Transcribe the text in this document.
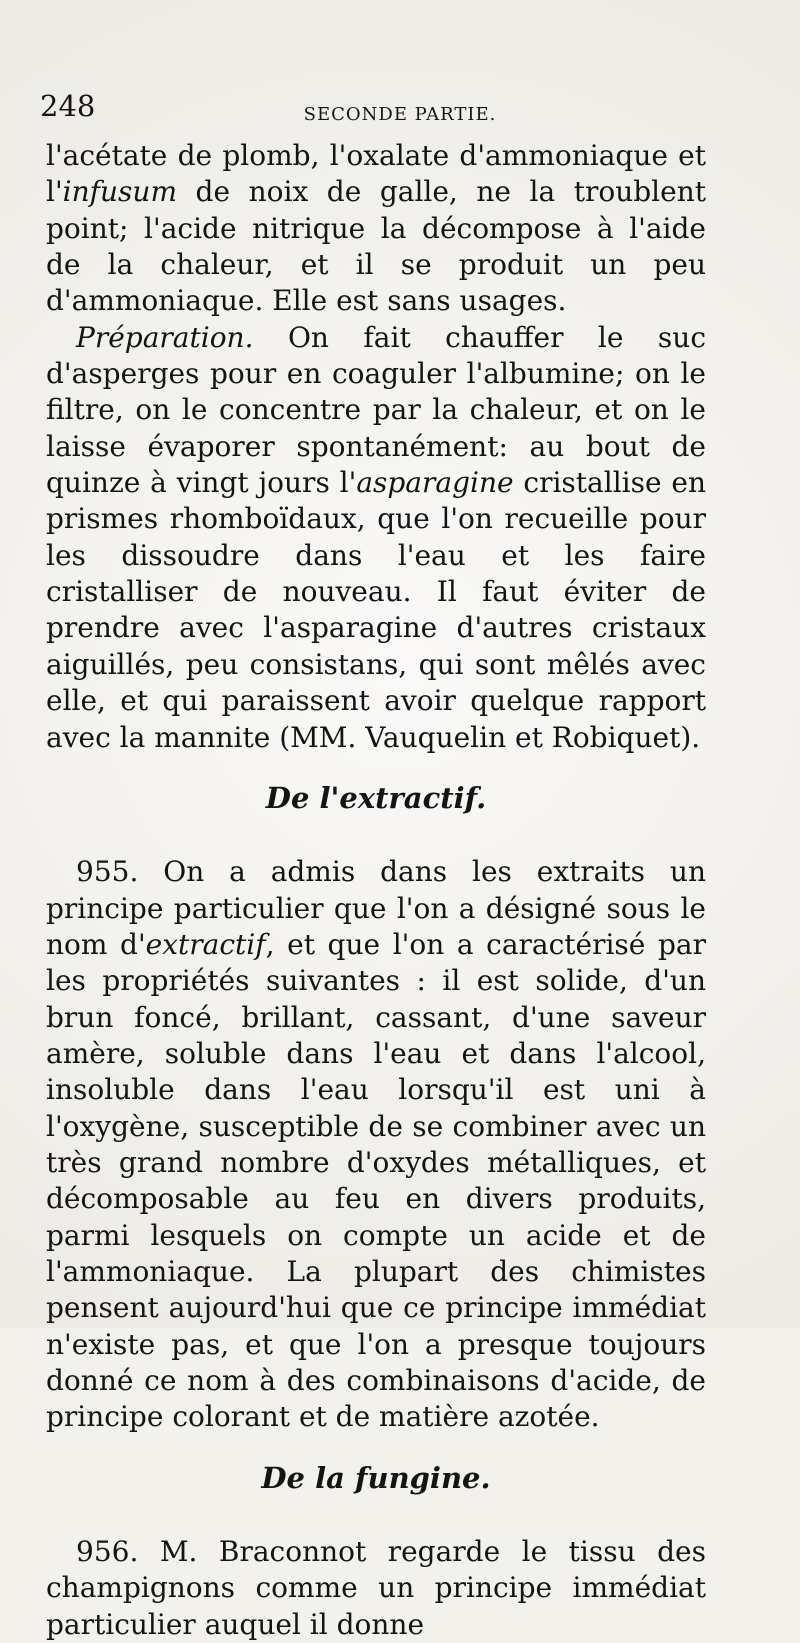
248	SECONDE PARTIE.

l'acétate de plomb, l'oxalate d'ammoniaque et l'infusum de noix de galle, ne la troublent point; l'acide nitrique la décompose à l'aide de la chaleur, et il se produit un peu d'ammoniaque. Elle est sans usages.

Préparation. On fait chauffer le suc d'asperges pour en coaguler l'albumine; on le filtre, on le concentre par la chaleur, et on le laisse évaporer spontanément: au bout de quinze à vingt jours l'asparagine cristallise en prismes rhomboïdaux, que l'on recueille pour les dissoudre dans l'eau et les faire cristalliser de nouveau. Il faut éviter de prendre avec l'asparagine d'autres cristaux aiguillés, peu consistans, qui sont mêlés avec elle, et qui paraissent avoir quelque rapport avec la mannite (MM. Vauquelin et Robiquet).

De l'extractif.

955. On a admis dans les extraits un principe particulier que l'on a désigné sous le nom d'extractif, et que l'on a caractérisé par les propriétés suivantes : il est solide, d'un brun foncé, brillant, cassant, d'une saveur amère, soluble dans l'eau et dans l'alcool, insoluble dans l'eau lorsqu'il est uni à l'oxygène, susceptible de se combiner avec un très grand nombre d'oxydes métalliques, et décomposable au feu en divers produits, parmi lesquels on compte un acide et de l'ammoniaque. La plupart des chimistes pensent aujourd'hui que ce principe immédiat n'existe pas, et que l'on a presque toujours donné ce nom à des combinaisons d'acide, de principe colorant et de matière azotée.

De la fungine.

956. M. Braconnot regarde le tissu des champignons comme un principe immédiat particulier auquel il donne
